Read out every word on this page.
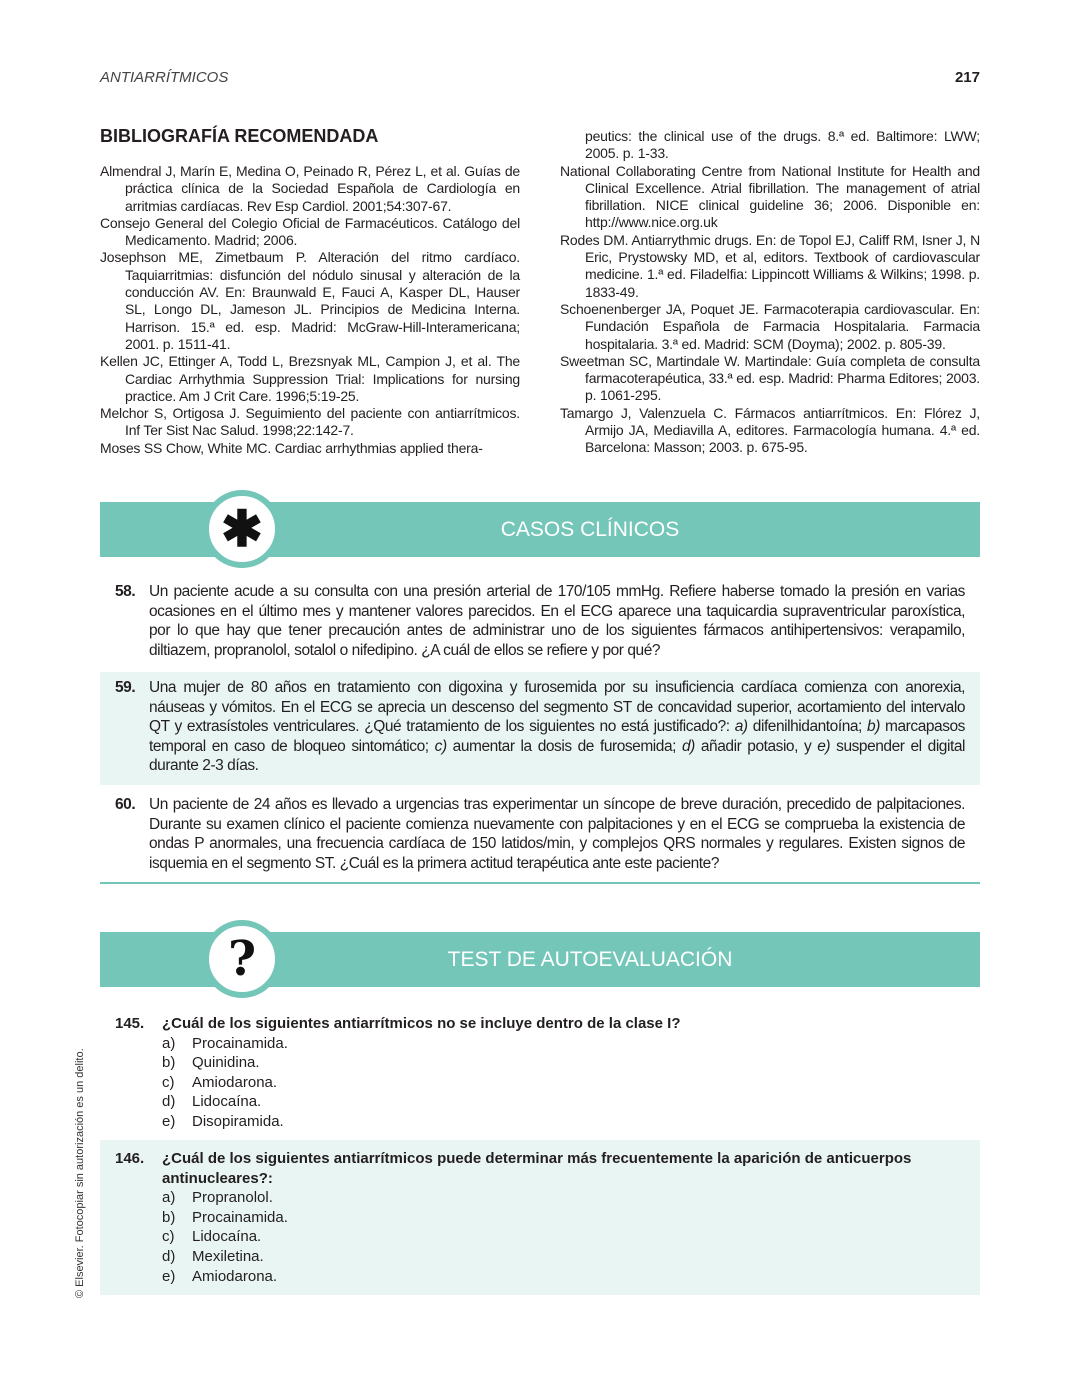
ANTIARRÍTMICOS	217
BIBLIOGRAFÍA RECOMENDADA

Almendral J, Marín E, Medina O, Peinado R, Pérez L, et al. Guías de práctica clínica de la Sociedad Española de Cardiología en arritmias cardíacas. Rev Esp Cardiol. 2001;54:307-67.

Consejo General del Colegio Oficial de Farmacéuticos. Catálogo del Medicamento. Madrid; 2006.

Josephson ME, Zimetbaum P. Alteración del ritmo cardíaco. Taquiarritmias: disfunción del nódulo sinusal y alteración de la conducción AV. En: Braunwald E, Fauci A, Kasper DL, Hauser SL, Longo DL, Jameson JL. Principios de Medicina Interna. Harrison. 15.ª ed. esp. Madrid: McGraw-Hill-Interamericana; 2001. p. 1511-41.

Kellen JC, Ettinger A, Todd L, Brezsnyak ML, Campion J, et al. The Cardiac Arrhythmia Suppression Trial: Implications for nursing practice. Am J Crit Care. 1996;5:19-25.

Melchor S, Ortigosa J. Seguimiento del paciente con antiarrítmicos. Inf Ter Sist Nac Salud. 1998;22:142-7.

Moses SS Chow, White MC. Cardiac arrhythmias applied thera-

peutics: the clinical use of the drugs. 8.ª ed. Baltimore: LWW; 2005. p. 1-33.

National Collaborating Centre from National Institute for Health and Clinical Excellence. Atrial fibrillation. The management of atrial fibrillation. NICE clinical guideline 36; 2006. Disponible en: http://www.nice.org.uk

Rodes DM. Antiarrythmic drugs. En: de Topol EJ, Califf RM, Isner J, N Eric, Prystowsky MD, et al, editors. Textbook of cardiovascular medicine. 1.ª ed. Filadelfia: Lippincott Williams & Wilkins; 1998. p. 1833-49.

Schoenenberger JA, Poquet JE. Farmacoterapia cardiovascular. En: Fundación Española de Farmacia Hospitalaria. Farmacia hospitalaria. 3.ª ed. Madrid: SCM (Doyma); 2002. p. 805-39.

Sweetman SC, Martindale W. Martindale: Guía completa de consulta farmacoterapéutica, 33.ª ed. esp. Madrid: Pharma Editores; 2003. p. 1061-295.

Tamargo J, Valenzuela C. Fármacos antiarrítmicos. En: Flórez J, Armijo JA, Mediavilla A, editores. Farmacología humana. 4.ª ed. Barcelona: Masson; 2003. p. 675-95.

✱	CASOS CLÍNICOS
58. Un paciente acude a su consulta con una presión arterial de 170/105 mmHg. Refiere haberse tomado la presión en varias ocasiones en el último mes y mantener valores parecidos. En el ECG aparece una taquicardia supraventricular paroxística, por lo que hay que tener precaución antes de administrar uno de los siguientes fármacos antihipertensivos: verapamilo, diltiazem, propranolol, sotalol o nifedipino. ¿A cuál de ellos se refiere y por qué?
59. Una mujer de 80 años en tratamiento con digoxina y furosemida por su insuficiencia cardíaca comienza con anorexia, náuseas y vómitos. En el ECG se aprecia un descenso del segmento ST de concavidad superior, acortamiento del intervalo QT y extrasístoles ventriculares. ¿Qué tratamiento de los siguientes no está justificado?: a) difenilhidantoína; b) marcapasos temporal en caso de bloqueo sintomático; c) aumentar la dosis de furosemida; d) añadir potasio, y e) suspender el digital durante 2-3 días.
60. Un paciente de 24 años es llevado a urgencias tras experimentar un síncope de breve duración, precedido de palpitaciones. Durante su examen clínico el paciente comienza nuevamente con palpitaciones y en el ECG se comprueba la existencia de ondas P anormales, una frecuencia cardíaca de 150 latidos/min, y complejos QRS normales y regulares. Existen signos de isquemia en el segmento ST. ¿Cuál es la primera actitud terapéutica ante este paciente?
?	TEST DE AUTOEVALUACIÓN
145. ¿Cuál de los siguientes antiarrítmicos no se incluye dentro de la clase I?
a) Procainamida.
b) Quinidina.
c) Amiodarona.
d) Lidocaína.
e) Disopiramida.
146. ¿Cuál de los siguientes antiarrítmicos puede determinar más frecuentemente la aparición de anticuerpos antinucleares?:
a) Propranolol.
b) Procainamida.
c) Lidocaína.
d) Mexiletina.
e) Amiodarona.
© Elsevier. Fotocopiar sin autorización es un delito.
